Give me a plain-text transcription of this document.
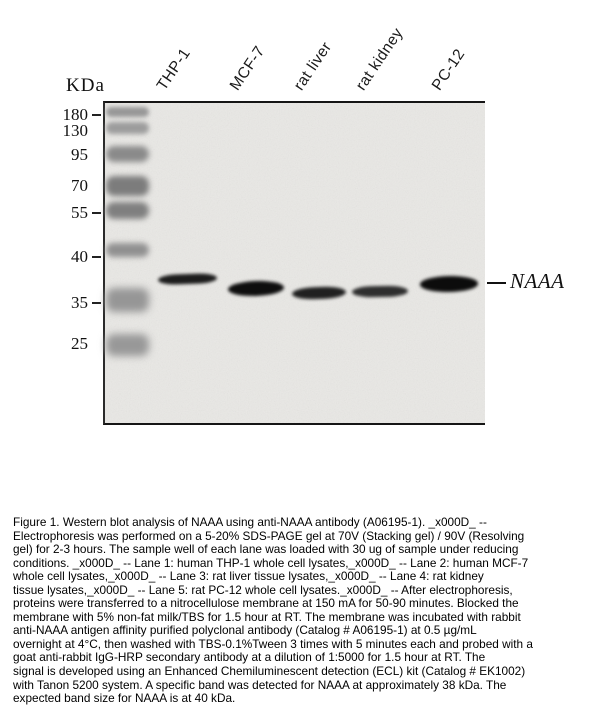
KDa
180
130
95
70
55
40
35
25
THP-1 MCF-7 rat liver rat kidney PC-12
NAAA
Figure 1. Western blot analysis of NAAA using anti-NAAA antibody (A06195-1). _x000D_ --
Electrophoresis was performed on a 5-20% SDS-PAGE gel at 70V (Stacking gel) / 90V (Resolving
gel) for 2-3 hours. The sample well of each lane was loaded with 30 ug of sample under reducing
conditions. _x000D_ -- Lane 1: human THP-1 whole cell lysates,_x000D_ -- Lane 2: human MCF-7
whole cell lysates,_x000D_ -- Lane 3: rat liver tissue lysates,_x000D_ -- Lane 4: rat kidney
tissue lysates,_x000D_ -- Lane 5: rat PC-12 whole cell lysates._x000D_ -- After electrophoresis,
proteins were transferred to a nitrocellulose membrane at 150 mA for 50-90 minutes. Blocked the
membrane with 5% non-fat milk/TBS for 1.5 hour at RT. The membrane was incubated with rabbit
anti-NAAA antigen affinity purified polyclonal antibody (Catalog # A06195-1) at 0.5 µg/mL
overnight at 4°C, then washed with TBS-0.1%Tween 3 times with 5 minutes each and probed with a
goat anti-rabbit IgG-HRP secondary antibody at a dilution of 1:5000 for 1.5 hour at RT. The
signal is developed using an Enhanced Chemiluminescent detection (ECL) kit (Catalog # EK1002)
with Tanon 5200 system. A specific band was detected for NAAA at approximately 38 kDa. The
expected band size for NAAA is at 40 kDa.
